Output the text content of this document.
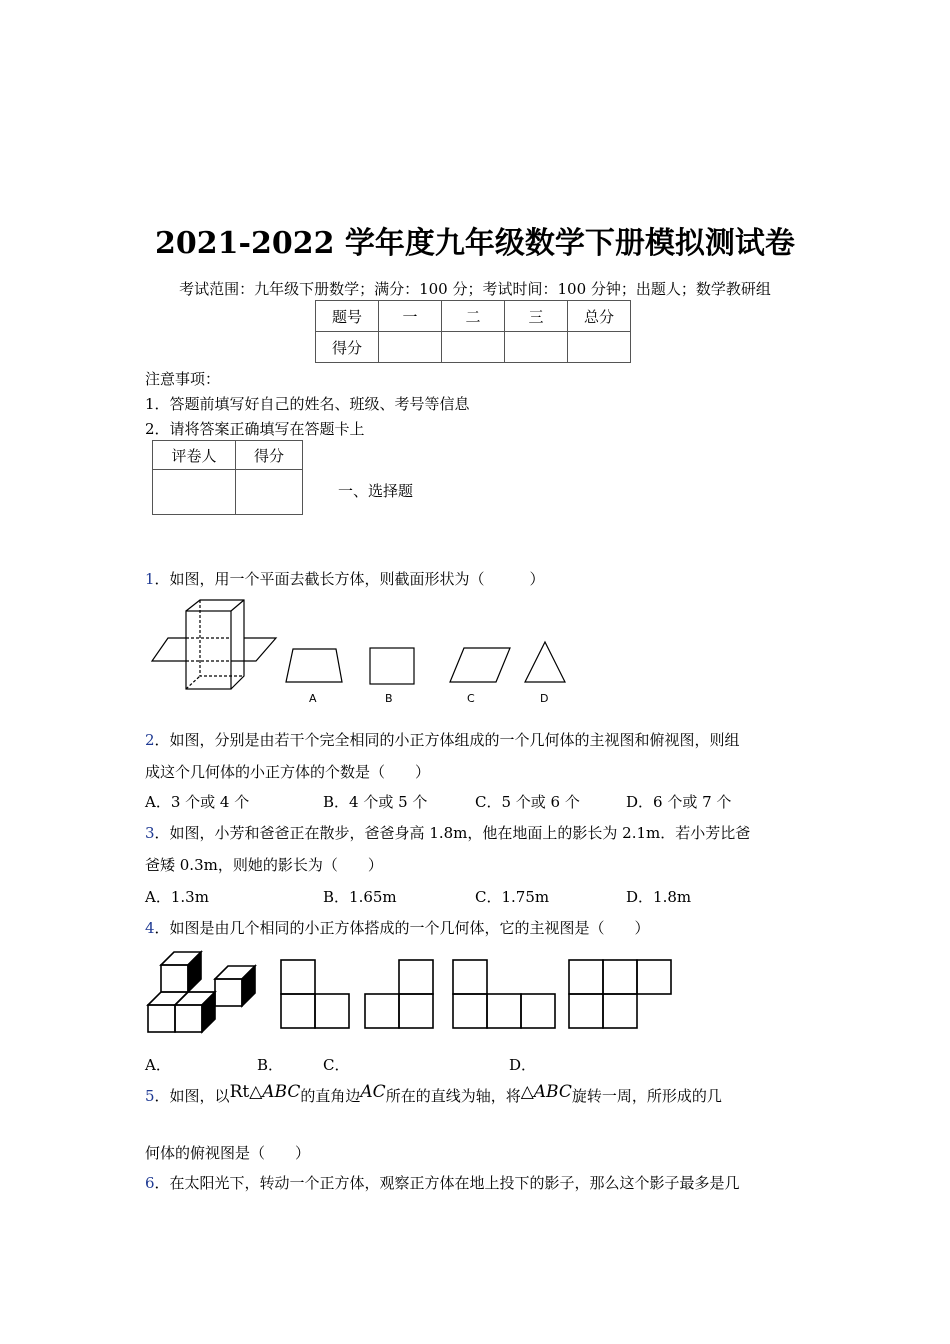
2021-2022 学年度九年级数学下册模拟测试卷
考试范围：九年级下册数学；满分：100 分；考试时间：100 分钟；出题人；数学教研组
题号	一	二	三	总分
得分				
注意事项：
1．答题前填写好自己的姓名、班级、考号等信息
2．请将答案正确填写在答题卡上
评卷人	得分

一、选择题
1．如图，用一个平面去截长方体，则截面形状为（　　　）
A	B	C	D
2．如图，分别是由若干个完全相同的小正方体组成的一个几何体的主视图和俯视图，则组
成这个几何体的小正方体的个数是（　　）
A．3 个或 4 个	B．4 个或 5 个	C．5 个或 6 个	D．6 个或 7 个
3．如图，小芳和爸爸正在散步，爸爸身高 1.8m，他在地面上的影长为 2.1m．若小芳比爸
爸矮 0.3m，则她的影长为（　　）
A．1.3m	B．1.65m	C．1.75m	D．1.8m
4．如图是由几个相同的小正方体搭成的一个几何体，它的主视图是（　　）
A．	B．	C．	D．
5．如图，以Rt△ABC的直角边AC所在的直线为轴，将△ABC旋转一周，所形成的几
何体的俯视图是（　　）
6．在太阳光下，转动一个正方体，观察正方体在地上投下的影子，那么这个影子最多是几
